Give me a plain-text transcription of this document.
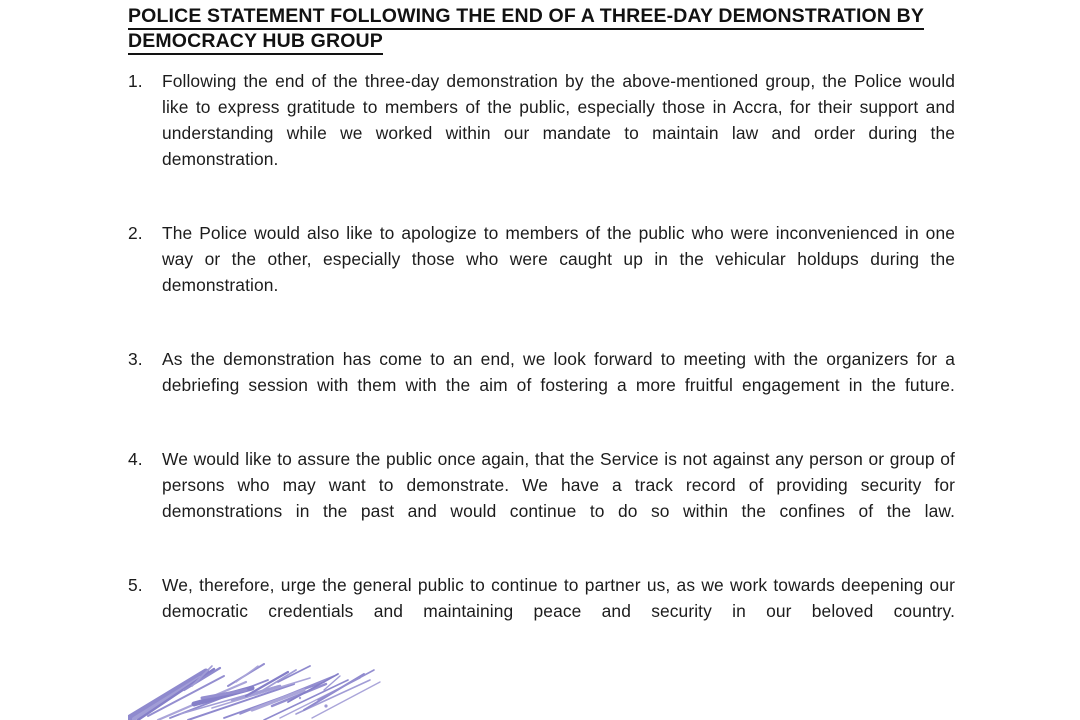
POLICE STATEMENT FOLLOWING THE END OF A THREE-DAY DEMONSTRATION BY
DEMOCRACY HUB GROUP
1.	Following the end of the three-day demonstration by the above-mentioned group, the Police would like to express gratitude to members of the public, especially those in Accra, for their support and understanding while we worked within our mandate to maintain law and order during the demonstration.
2.	The Police would also like to apologize to members of the public who were inconvenienced in one way or the other, especially those who were caught up in the vehicular holdups during the demonstration.
3.	As the demonstration has come to an end, we look forward to meeting with the organizers for a debriefing session with them with the aim of fostering a more fruitful engagement in the future.
4.	We would like to assure the public once again, that the Service is not against any person or group of persons who may want to demonstrate. We have a track record of providing security for demonstrations in the past and would continue to do so within the confines of the law.
5.	We, therefore, urge the general public to continue to partner us, as we work towards deepening our democratic credentials and maintaining peace and security in our beloved country.
